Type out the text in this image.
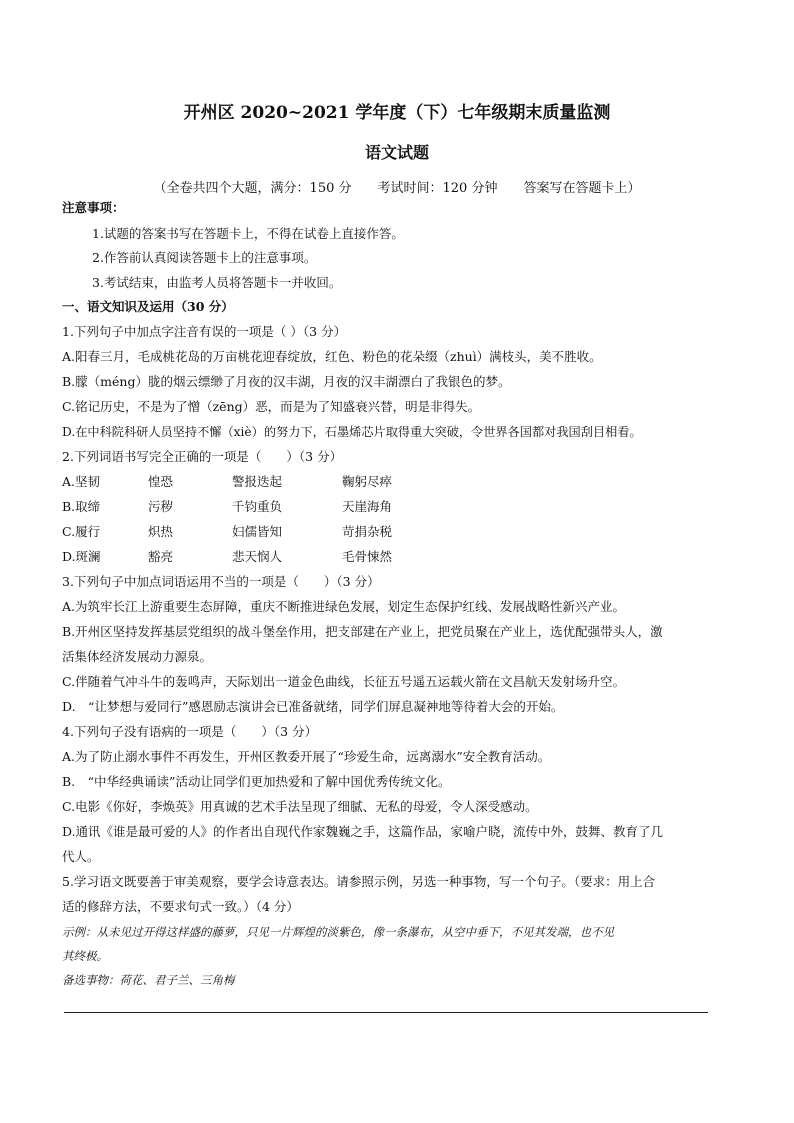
开州区 2020~2021 学年度（下）七年级期末质量监测
语文试题
（全卷共四个大题，满分：150 分　　考试时间：120 分钟　　答案写在答题卡上）
注意事项：
1.试题的答案书写在答题卡上，不得在试卷上直接作答。
2.作答前认真阅读答题卡上的注意事项。
3.考试结束，由监考人员将答题卡一并收回。
一、语文知识及运用（30 分）
1.下列句子中加点字注音有误的一项是（ ）（3 分）
A.阳春三月，毛成桃花岛的万亩桃花迎春绽放，红色、粉色的花朵缀（zhuì）满枝头，美不胜收。
B.朦（méng）胧的烟云缥缈了月夜的汉丰湖，月夜的汉丰湖漂白了我银色的梦。
C.铭记历史，不是为了憎（zēng）恶，而是为了知盛衰兴替，明是非得失。
D.在中科院科研人员坚持不懈（xiè）的努力下，石墨烯芯片取得重大突破，令世界各国都对我国刮目相看。
2.下列词语书写完全正确的一项是（　　）（3 分）
A.坚韧	惶恐	警报迭起	鞠躬尽瘁
B.取缔	污秽	千钧重负	天崖海角
C.履行	炽热	妇儒皆知	苛捐杂税
D.斑澜	豁亮	悲天悯人	毛骨悚然
3.下列句子中加点词语运用不当的一项是（　　）（3 分）
A.为筑牢长江上游重要生态屏障，重庆不断推进绿色发展，划定生态保护红线、发展战略性新兴产业。
B.开州区坚持发挥基层党组织的战斗堡垒作用，把支部建在产业上，把党员聚在产业上，选优配强带头人，激
活集体经济发展动力源泉。
C.伴随着气冲斗牛的轰鸣声，天际划出一道金色曲线，长征五号遥五运载火箭在文昌航天发射场升空。
D.　“让梦想与爱同行”感恩励志演讲会已准备就绪，同学们屏息凝神地等待着大会的开始。
4.下列句子没有语病的一项是（　　）（3 分）
A.为了防止溺水事件不再发生，开州区教委开展了“珍爱生命，远离溺水”安全教育活动。
B.　“中华经典诵读”活动让同学们更加热爱和了解中国优秀传统文化。
C.电影《你好，李焕英》用真诚的艺术手法呈现了细腻、无私的母爱，令人深受感动。
D.通讯《谁是最可爱的人》的作者出自现代作家魏巍之手，这篇作品，家喻户晓，流传中外，鼓舞、教育了几
代人。
5.学习语文既要善于审美观察，要学会诗意表达。请参照示例，另选一种事物，写一个句子。（要求：用上合
适的修辞方法，不要求句式一致。）（4 分）
示例：从未见过开得这样盛的藤萝，只见一片辉煌的淡紫色，像一条瀑布，从空中垂下，不见其发端，也不见
其终极。
备选事物：荷花、君子兰、三角梅
